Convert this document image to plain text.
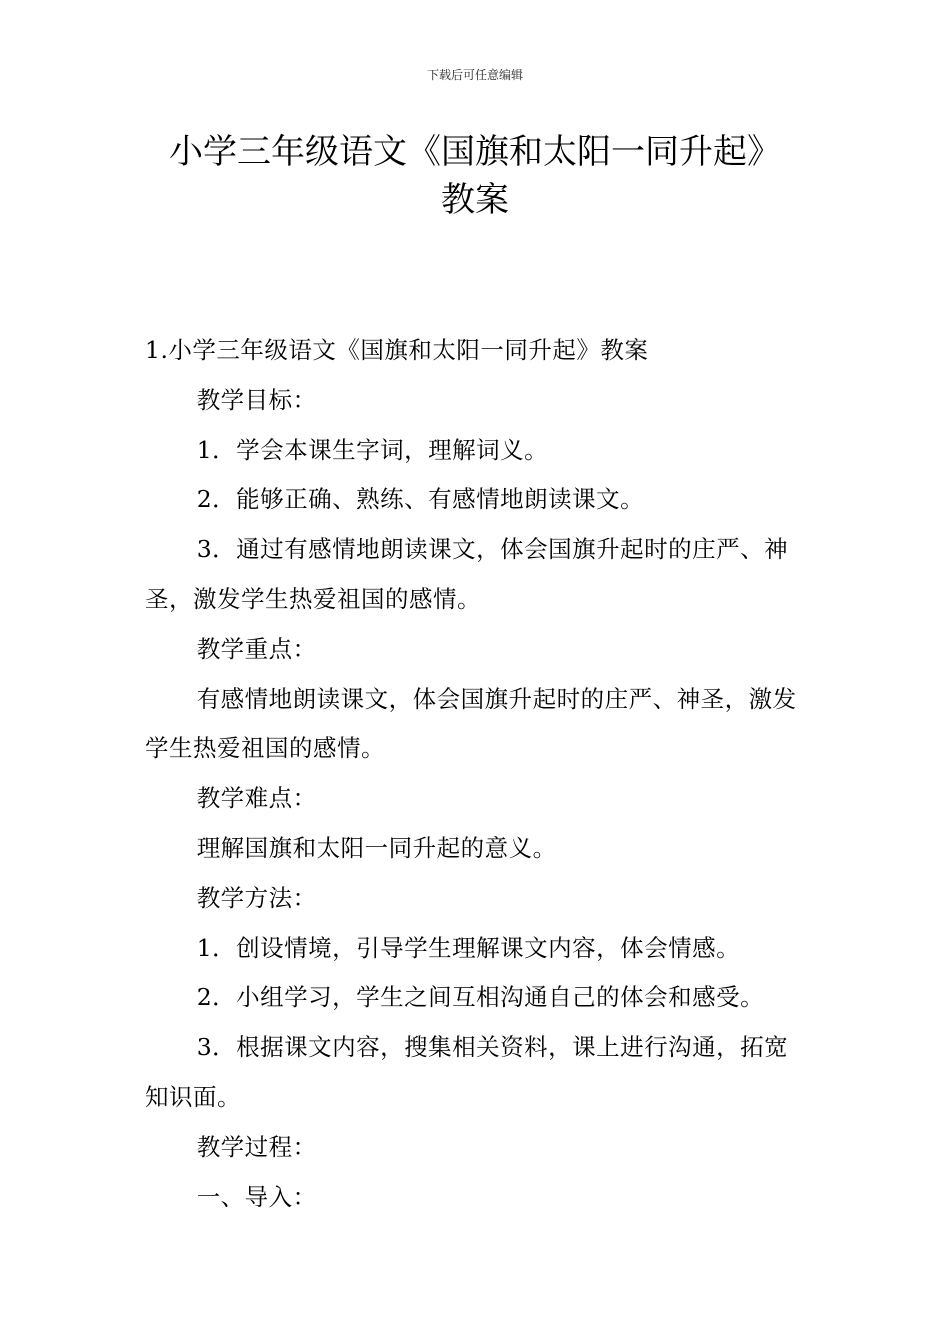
下载后可任意编辑
小学三年级语文《国旗和太阳一同升起》
教案

1.小学三年级语文《国旗和太阳一同升起》教案

教学目标：

1．学会本课生字词，理解词义。

2．能够正确、熟练、有感情地朗读课文。

3．通过有感情地朗读课文，体会国旗升起时的庄严、神圣，激发学生热爱祖国的感情。

教学重点：

有感情地朗读课文，体会国旗升起时的庄严、神圣，激发学生热爱祖国的感情。

教学难点：

理解国旗和太阳一同升起的意义。

教学方法：

1．创设情境，引导学生理解课文内容，体会情感。

2．小组学习，学生之间互相沟通自己的体会和感受。

3．根据课文内容，搜集相关资料，课上进行沟通，拓宽知识面。

教学过程：

一、导入：
